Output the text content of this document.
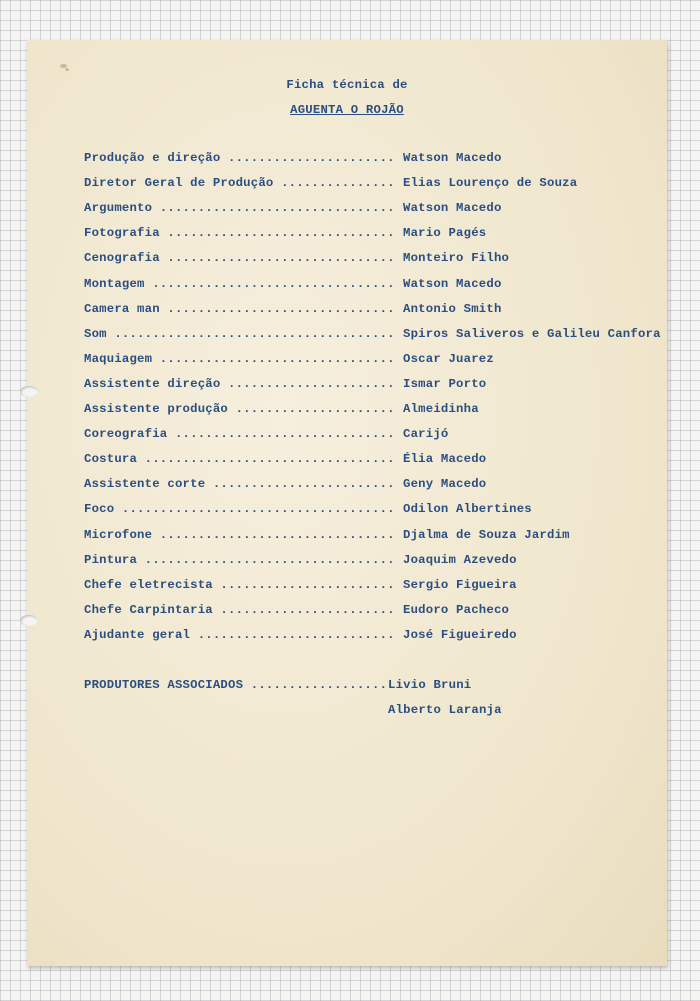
Ficha técnica de
AGUENTA O ROJÃO
Produção e direção ...................... Watson Macedo
Diretor Geral de Produção ............... Elias Lourenço de Souza
Argumento ............................... Watson Macedo
Fotografia .............................. Mario Pagés
Cenografia .............................. Monteiro Filho
Montagem ................................ Watson Macedo
Camera man .............................. Antonio Smith
Som ..................................... Spiros Saliveros e Galileu Canfora
Maquiagem ............................... Oscar Juarez
Assistente direção ...................... Ismar Porto
Assistente produção ..................... Almeidinha
Coreografia ............................. Carijó
Costura ................................. Élia Macedo
Assistente corte ........................ Geny Macedo
Foco .................................... Odilon Albertines
Microfone ............................... Djalma de Souza Jardim
Pintura ................................. Joaquim Azevedo
Chefe eletrecista ....................... Sergio Figueira
Chefe Carpintaria ....................... Eudoro Pacheco
Ajudante geral .......................... José Figueiredo
PRODUTORES ASSOCIADOS .................. Livio Bruni
Alberto Laranja
